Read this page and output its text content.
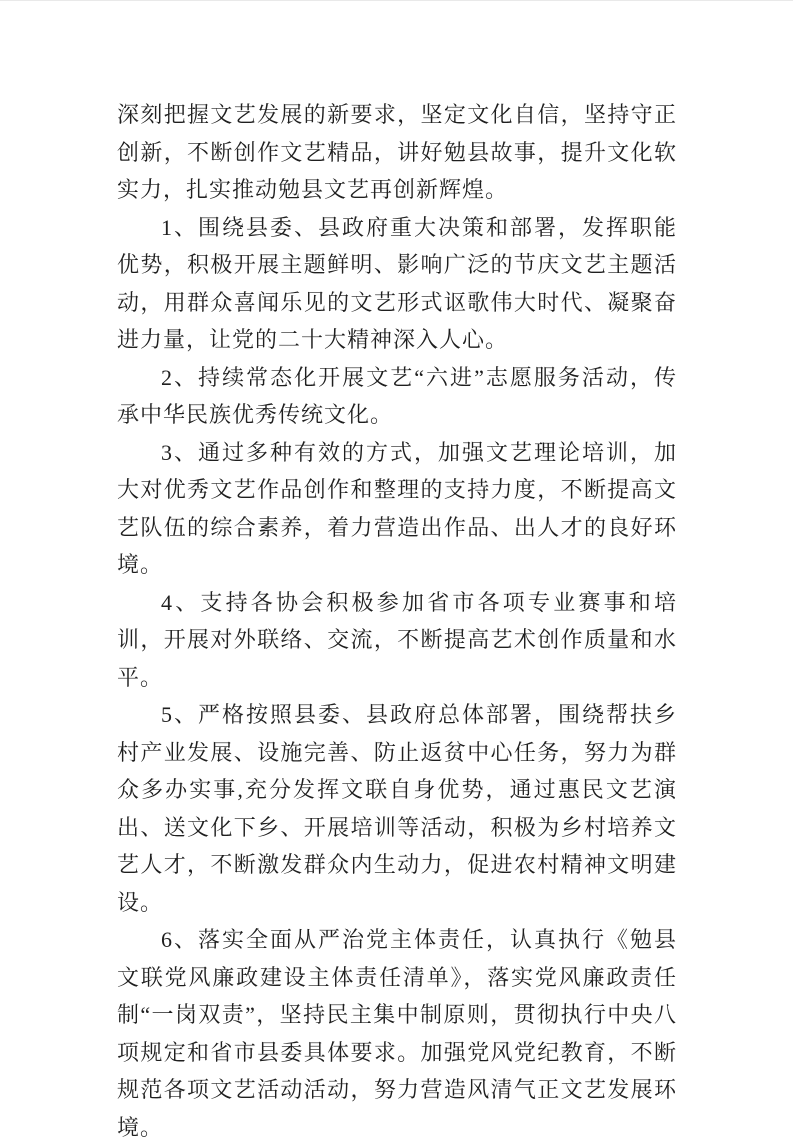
深刻把握文艺发展的新要求，坚定文化自信，坚持守正创新，不断创作文艺精品，讲好勉县故事，提升文化软实力，扎实推动勉县文艺再创新辉煌。

1、围绕县委、县政府重大决策和部署，发挥职能优势，积极开展主题鲜明、影响广泛的节庆文艺主题活动，用群众喜闻乐见的文艺形式讴歌伟大时代、凝聚奋进力量，让党的二十大精神深入人心。

2、持续常态化开展文艺“六进”志愿服务活动，传承中华民族优秀传统文化。

3、通过多种有效的方式，加强文艺理论培训，加大对优秀文艺作品创作和整理的支持力度，不断提高文艺队伍的综合素养，着力营造出作品、出人才的良好环境。

4、支持各协会积极参加省市各项专业赛事和培训，开展对外联络、交流，不断提高艺术创作质量和水平。

5、严格按照县委、县政府总体部署，围绕帮扶乡村产业发展、设施完善、防止返贫中心任务，努力为群众多办实事,充分发挥文联自身优势，通过惠民文艺演出、送文化下乡、开展培训等活动，积极为乡村培养文艺人才，不断激发群众内生动力，促进农村精神文明建设。

6、落实全面从严治党主体责任，认真执行《勉县文联党风廉政建设主体责任清单》，落实党风廉政责任制“一岗双责”，坚持民主集中制原则，贯彻执行中央八项规定和省市县委具体要求。加强党风党纪教育，不断规范各项文艺活动活动，努力营造风清气正文艺发展环境。
